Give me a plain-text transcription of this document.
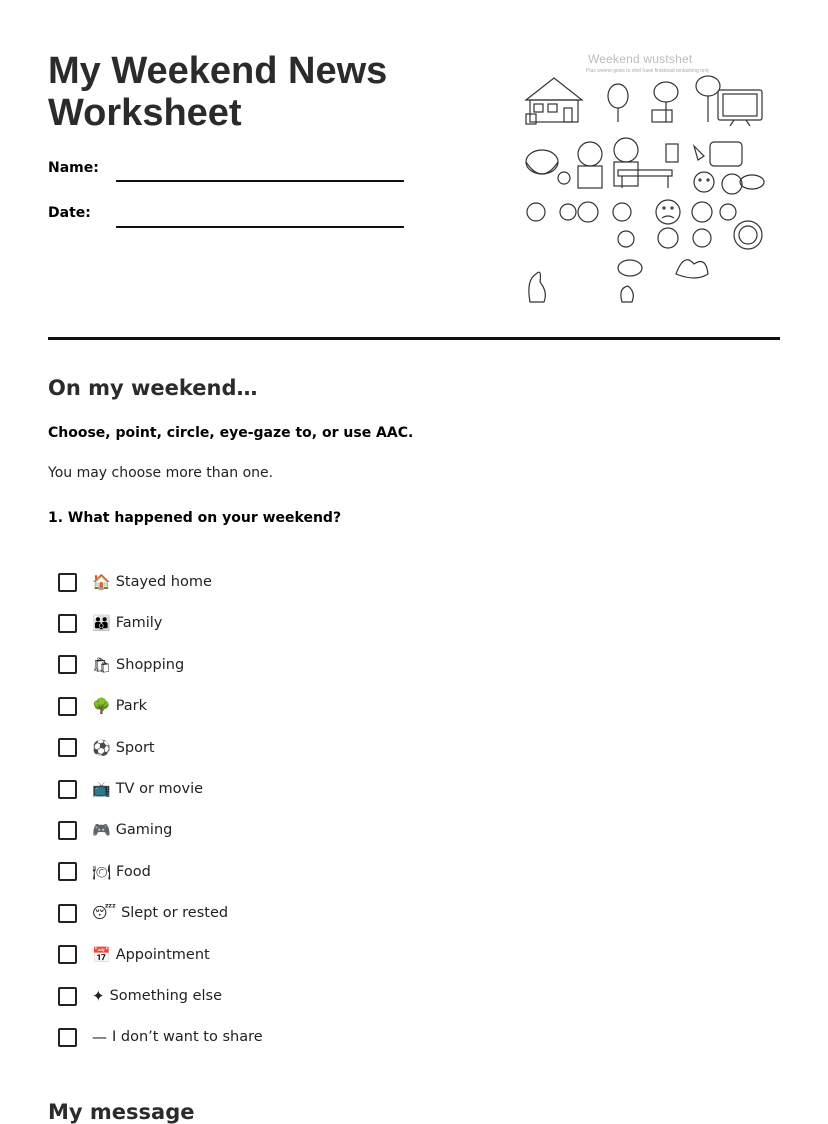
My Weekend News Worksheet
Name:
Date:
Weekend wustshet
Plus weene gesis to shel have finisbead tenlashing only
On my weekend…
Choose, point, circle, eye-gaze to, or use AAC.
You may choose more than one.
1. What happened on your weekend?
🏠 Stayed home
👪 Family
🛍 Shopping
🌳 Park
⚽ Sport
📺 TV or movie
🎮 Gaming
🍽 Food
😴 Slept or rested
📅 Appointment
✦ Something else
— I don’t want to share
My message
